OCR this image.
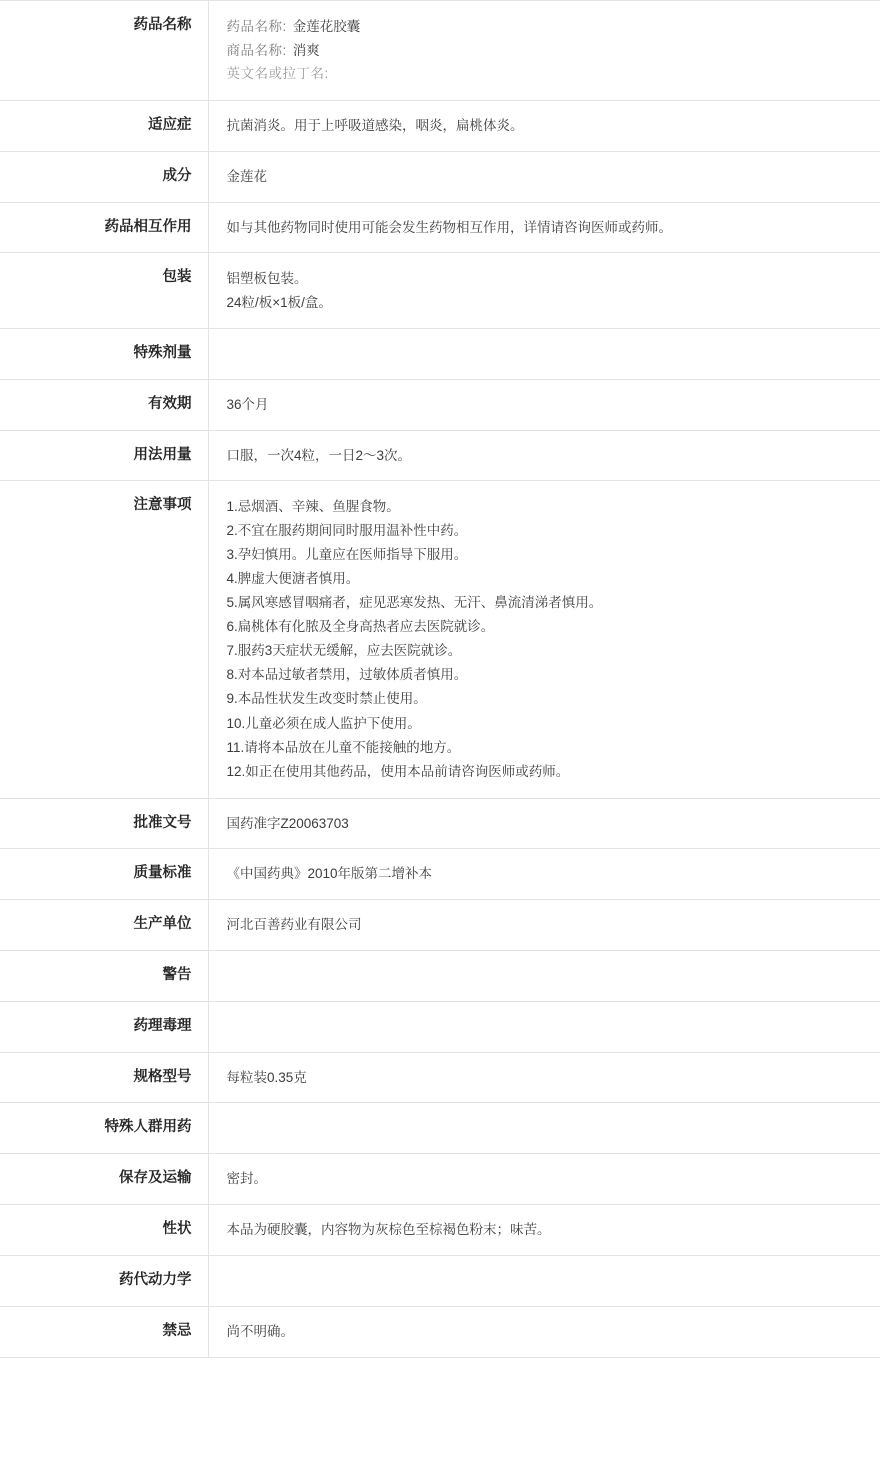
药品名称	药品名称: 金莲花胶囊
商品名称: 消爽
英文名或拉丁名:

适应症	抗菌消炎。用于上呼吸道感染，咽炎，扁桃体炎。
成分	金莲花
药品相互作用	如与其他药物同时使用可能会发生药物相互作用，详情请咨询医师或药师。
包装	铝塑板包装。
24粒/板×1板/盒。

特殊剂量	
有效期	36个月
用法用量	口服，一次4粒，一日2～3次。
注意事项	1.忌烟酒、辛辣、鱼腥食物。
2.不宜在服药期间同时服用温补性中药。
3.孕妇慎用。儿童应在医师指导下服用。
4.脾虚大便溏者慎用。
5.属风寒感冒咽痛者，症见恶寒发热、无汗、鼻流清涕者慎用。
6.扁桃体有化脓及全身高热者应去医院就诊。
7.服药3天症状无缓解，应去医院就诊。
8.对本品过敏者禁用，过敏体质者慎用。
9.本品性状发生改变时禁止使用。
10.儿童必须在成人监护下使用。
11.请将本品放在儿童不能接触的地方。
12.如正在使用其他药品，使用本品前请咨询医师或药师。

批准文号	国药准字Z20063703
质量标准	《中国药典》2010年版第二增补本
生产单位	河北百善药业有限公司
警告	
药理毒理	
规格型号	每粒装0.35克
特殊人群用药	
保存及运输	密封。
性状	本品为硬胶囊，内容物为灰棕色至棕褐色粉末；味苦。
药代动力学	
禁忌	尚不明确。
